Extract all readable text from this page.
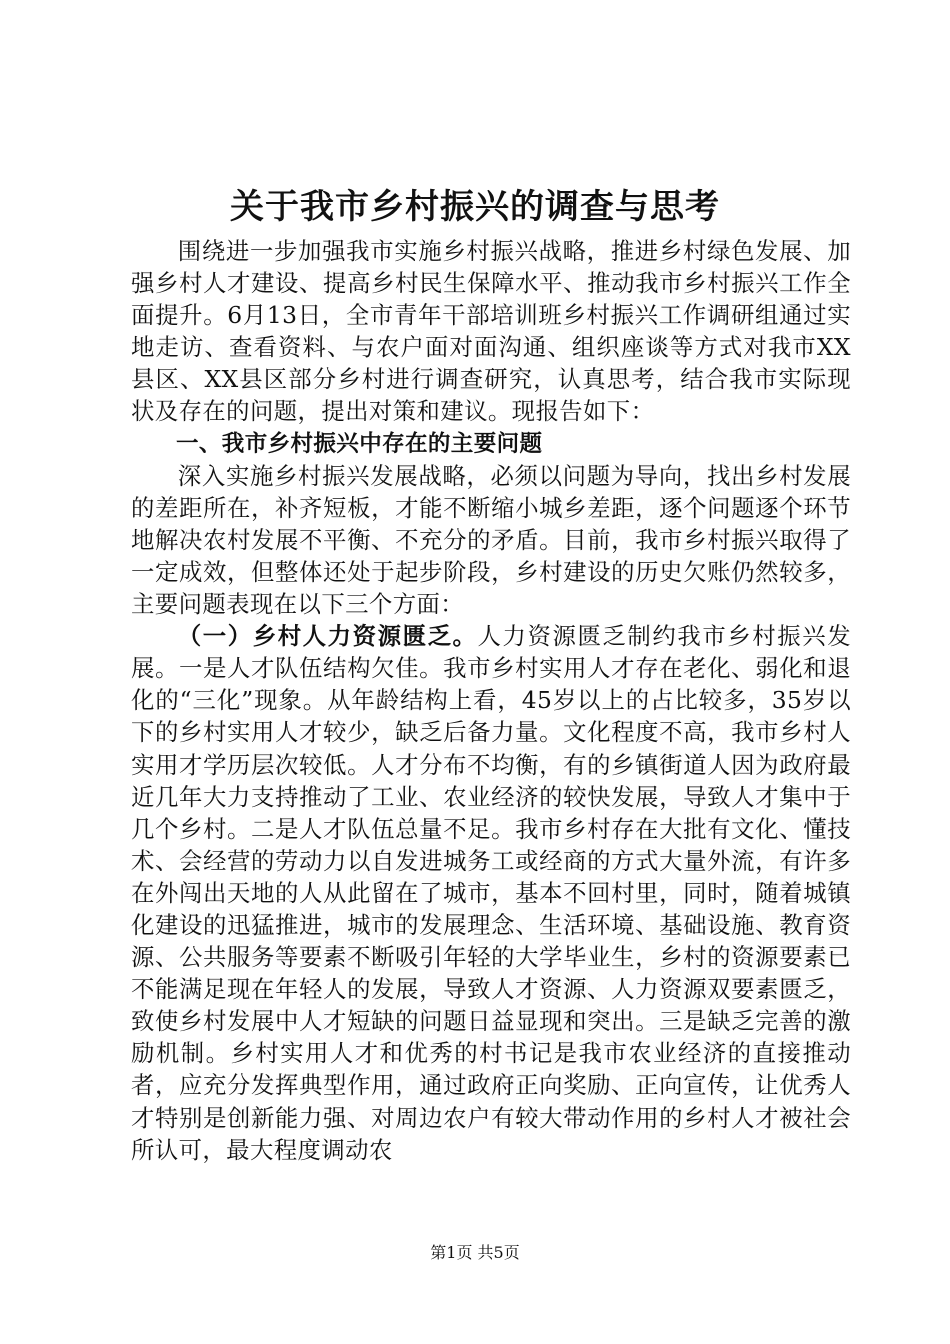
关于我市乡村振兴的调查与思考

围绕进一步加强我市实施乡村振兴战略，推进乡村绿色发展、加强乡村人才建设、提高乡村民生保障水平、推动我市乡村振兴工作全面提升。6月13日，全市青年干部培训班乡村振兴工作调研组通过实地走访、查看资料、与农户面对面沟通、组织座谈等方式对我市XX县区、XX县区部分乡村进行调查研究，认真思考，结合我市实际现状及存在的问题，提出对策和建议。现报告如下：

一、我市乡村振兴中存在的主要问题

深入实施乡村振兴发展战略，必须以问题为导向，找出乡村发展的差距所在，补齐短板，才能不断缩小城乡差距，逐个问题逐个环节地解决农村发展不平衡、不充分的矛盾。目前，我市乡村振兴取得了一定成效，但整体还处于起步阶段，乡村建设的历史欠账仍然较多，主要问题表现在以下三个方面：

（一）乡村人力资源匮乏。人力资源匮乏制约我市乡村振兴发展。一是人才队伍结构欠佳。我市乡村实用人才存在老化、弱化和退化的“三化”现象。从年龄结构上看，45岁以上的占比较多，35岁以下的乡村实用人才较少，缺乏后备力量。文化程度不高，我市乡村人实用才学历层次较低。人才分布不均衡，有的乡镇街道人因为政府最近几年大力支持推动了工业、农业经济的较快发展，导致人才集中于几个乡村。二是人才队伍总量不足。我市乡村存在大批有文化、懂技术、会经营的劳动力以自发进城务工或经商的方式大量外流，有许多在外闯出天地的人从此留在了城市，基本不回村里，同时，随着城镇化建设的迅猛推进，城市的发展理念、生活环境、基础设施、教育资源、公共服务等要素不断吸引年轻的大学毕业生，乡村的资源要素已不能满足现在年轻人的发展，导致人才资源、人力资源双要素匮乏，致使乡村发展中人才短缺的问题日益显现和突出。三是缺乏完善的激励机制。乡村实用人才和优秀的村书记是我市农业经济的直接推动者，应充分发挥典型作用，通过政府正向奖励、正向宣传，让优秀人才特别是创新能力强、对周边农户有较大带动作用的乡村人才被社会所认可，最大程度调动农

第1页 共5页
